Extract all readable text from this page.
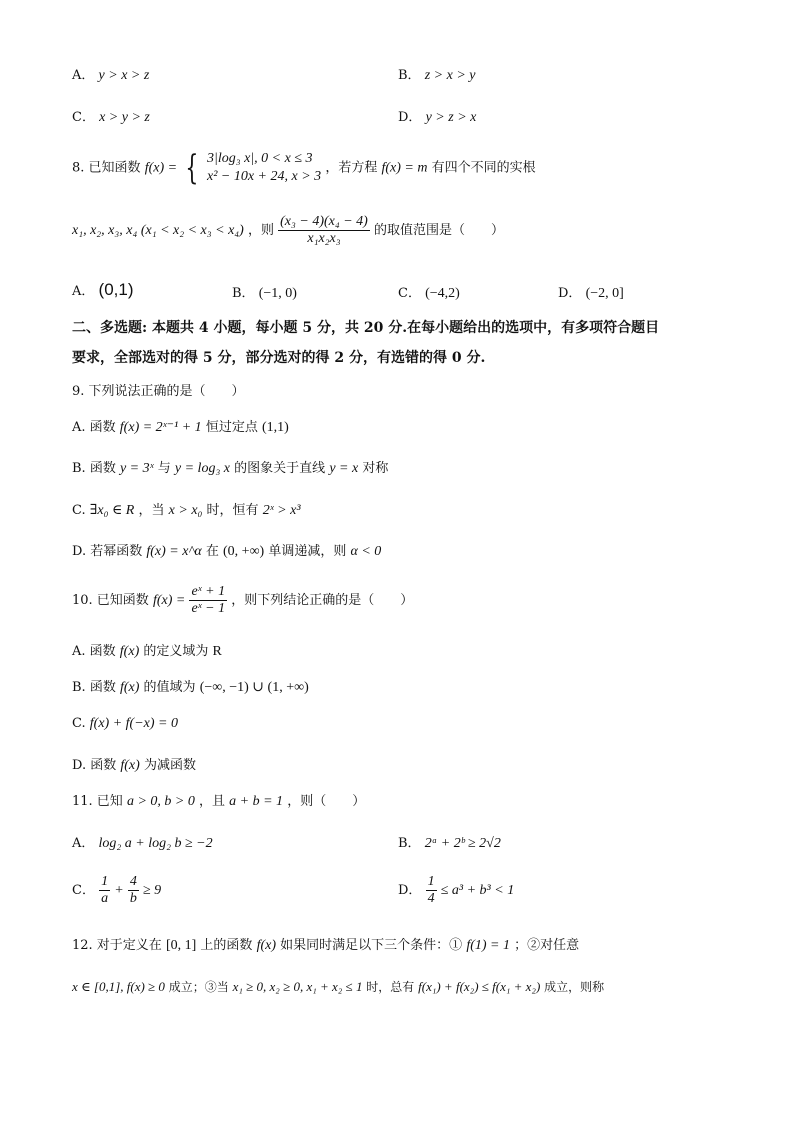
A． y > x > z	B． z > x > y
C． x > y > z	D． y > z > x
8. 已知函数 f(x) = { 3|log₃ x|, 0 < x ≤ 3
x² − 10x + 24, x > 3
，若方程 f(x) = m 有四个不同的实根
x₁, x₂, x₃, x₄ (x₁ < x₂ < x₃ < x₄) ，则 $\frac{\text{(x₃ − 4)(x₄ − 4)}}{\text{x₁x₂x₃}}$ 的取值范围是（　　）
A． (0,1)	B． (−1, 0)	C． (−4,2)	D． (−2, 0]
二、多选题: 本题共 4 小题，每小题 5 分，共 20 分.在每小题给出的选项中，有多项符合题目
要求，全部选对的得 5 分，部分选对的得 2 分，有选错的得 0 分.
9. 下列说法正确的是（　　）
A. 函数 f(x) = 2ˣ⁻¹ + 1 恒过定点 (1,1)
B. 函数 y = 3ˣ 与 y = log₃ x 的图象关于直线 y = x 对称
C. ∃x₀ ∈ R ，当 x > x₀ 时，恒有 2ˣ > x³
D. 若幂函数 f(x) = x^α 在 (0, +∞) 单调递减，则 α < 0
10. 已知函数 $f(x) = \frac{\text{eˣ + 1}}{\text{eˣ − 1}}$ ，则下列结论正确的是（　　）
A. 函数 f(x) 的定义域为 R
B. 函数 f(x) 的值域为 (−∞, −1) ∪ (1, +∞)
C. f(x) + f(−x) = 0
D. 函数 f(x) 为减函数
11. 已知 a > 0, b > 0 ，且 a + b = 1 ，则（　　）
A． log₂ a + log₂ b ≥ −2	B． 2ᵃ + 2ᵇ ≥ 2√2
C． $\frac{1}{a} + \frac{4}{b} \ge 9$	D． $\frac{1}{4} \le a^3 + b^3 < 1$
12. 对于定义在 [0, 1] 上的函数 f(x) 如果同时满足以下三个条件：① f(1) = 1 ；②对任意
x ∈ [0,1], f(x) ≥ 0 成立；③当 x₁ ≥ 0, x₂ ≥ 0, x₁ + x₂ ≤ 1 时，总有 f(x₁) + f(x₂) ≤ f(x₁ + x₂) 成立，则称
